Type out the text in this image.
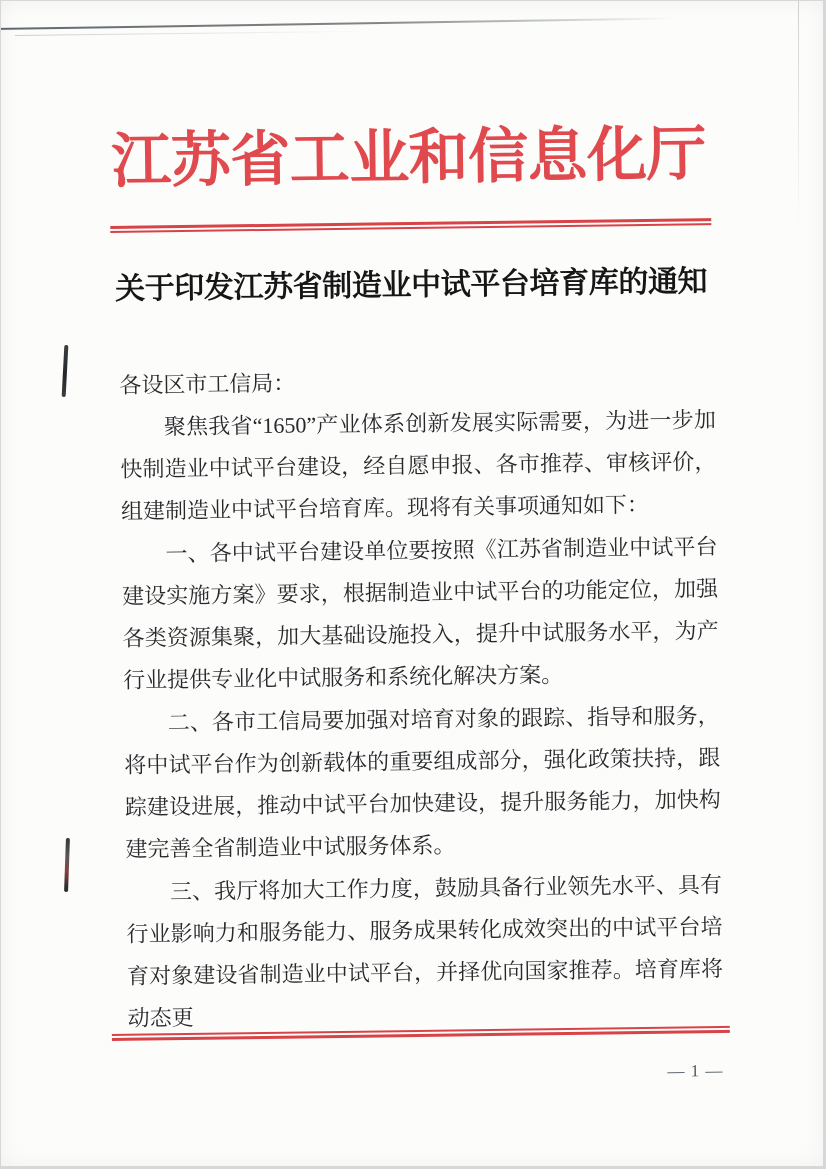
江苏省工业和信息化厅
关于印发江苏省制造业中试平台培育库的通知

各设区市工信局：

聚焦我省“1650”产业体系创新发展实际需要，为进一步加快制造业中试平台建设，经自愿申报、各市推荐、审核评价，组建制造业中试平台培育库。现将有关事项通知如下：

一、各中试平台建设单位要按照《江苏省制造业中试平台建设实施方案》要求，根据制造业中试平台的功能定位，加强各类资源集聚，加大基础设施投入，提升中试服务水平，为产行业提供专业化中试服务和系统化解决方案。

二、各市工信局要加强对培育对象的跟踪、指导和服务，将中试平台作为创新载体的重要组成部分，强化政策扶持，跟踪建设进展，推动中试平台加快建设，提升服务能力，加快构建完善全省制造业中试服务体系。

三、我厅将加大工作力度，鼓励具备行业领先水平、具有行业影响力和服务能力、服务成果转化成效突出的中试平台培育对象建设省制造业中试平台，并择优向国家推荐。培育库将动态更

— 1 —
